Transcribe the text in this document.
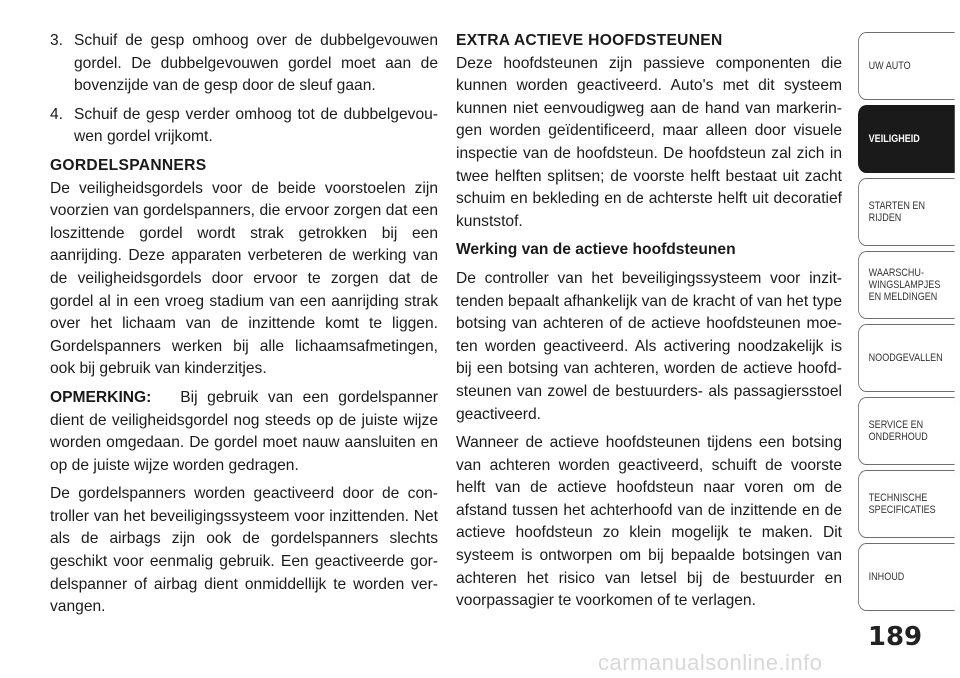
3. Schuif de gesp omhoog over de dubbelgevouwen gordel. De dubbelgevouwen gordel moet aan de bovenzijde van de gesp door de sleuf gaan.
4. Schuif de gesp verder omhoog tot de dubbelgevou-wen gordel vrijkomt.
GORDELSPANNERS

De veiligheidsgordels voor de beide voorstoelen zijn voorzien van gordelspanners, die ervoor zorgen dat een loszittende gordel wordt strak getrokken bij een aanrijding. Deze apparaten verbeteren de werking van de veiligheidsgordels door ervoor te zorgen dat de gordel al in een vroeg stadium van een aanrijding strak over het lichaam van de inzittende komt te liggen. Gordelspanners werken bij alle lichaamsafmetingen, ook bij gebruik van kinderzitjes.

OPMERKING: Bij gebruik van een gordelspanner dient de veiligheidsgordel nog steeds op de juiste wijze worden omgedaan. De gordel moet nauw aansluiten en op de juiste wijze worden gedragen.

De gordelspanners worden geactiveerd door de con-troller van het beveiligingssysteem voor inzittenden. Net als de airbags zijn ook de gordelspanners slechts geschikt voor eenmalig gebruik. Een geactiveerde gor-delspanner of airbag dient onmiddellijk te worden ver-vangen.

EXTRA ACTIEVE HOOFDSTEUNEN

Deze hoofdsteunen zijn passieve componenten die kunnen worden geactiveerd. Auto's met dit systeem kunnen niet eenvoudigweg aan de hand van markerin-gen worden geïdentificeerd, maar alleen door visuele inspectie van de hoofdsteun. De hoofdsteun zal zich in twee helften splitsen; de voorste helft bestaat uit zacht schuim en bekleding en de achterste helft uit decoratief kunststof.

Werking van de actieve hoofdsteunen

De controller van het beveiligingssysteem voor inzit-tenden bepaalt afhankelijk van de kracht of van het type botsing van achteren of de actieve hoofdsteunen moe-ten worden geactiveerd. Als activering noodzakelijk is bij een botsing van achteren, worden de actieve hoofd-steunen van zowel de bestuurders- als passagiersstoel geactiveerd.

Wanneer de actieve hoofdsteunen tijdens een botsing van achteren worden geactiveerd, schuift de voorste helft van de actieve hoofdsteun naar voren om de afstand tussen het achterhoofd van de inzittende en de actieve hoofdsteun zo klein mogelijk te maken. Dit systeem is ontworpen om bij bepaalde botsingen van achteren het risico van letsel bij de bestuurder en voorpassagier te voorkomen of te verlagen.

UW AUTO
VEILIGHEID
STARTEN EN
RIJDEN
WAARSCHU-
WINGSLAMPJES
EN MELDINGEN
NOODGEVALLEN
SERVICE EN
ONDERHOUD
TECHNISCHE
SPECIFICATIES
INHOUD
189
carmanualsonline.info
